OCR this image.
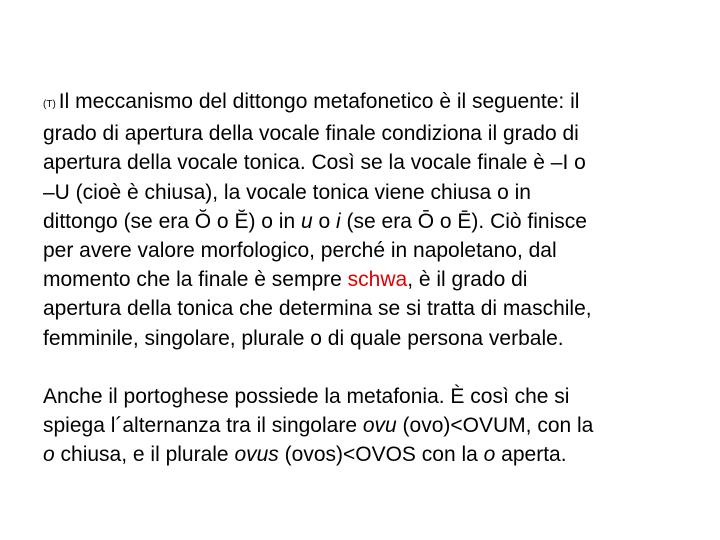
(T) Il meccanismo del dittongo metafonetico è il seguente: il
grado di apertura della vocale finale condiziona il grado di
apertura della vocale tonica. Così se la vocale finale è –I o
–U (cioè è chiusa), la vocale tonica viene chiusa o in
dittongo (se era Ŏ o Ĕ) o in u o i (se era Ō o Ē). Ciò finisce
per avere valore morfologico, perché in napoletano, dal
momento che la finale è sempre schwa, è il grado di
apertura della tonica che determina se si tratta di maschile,
femminile, singolare, plurale o di quale persona verbale.

Anche il portoghese possiede la metafonia. È così che si
spiega l´alternanza tra il singolare ovu (ovo)<OVUM, con la
o chiusa, e il plurale ovus (ovos)<OVOS con la o aperta.
